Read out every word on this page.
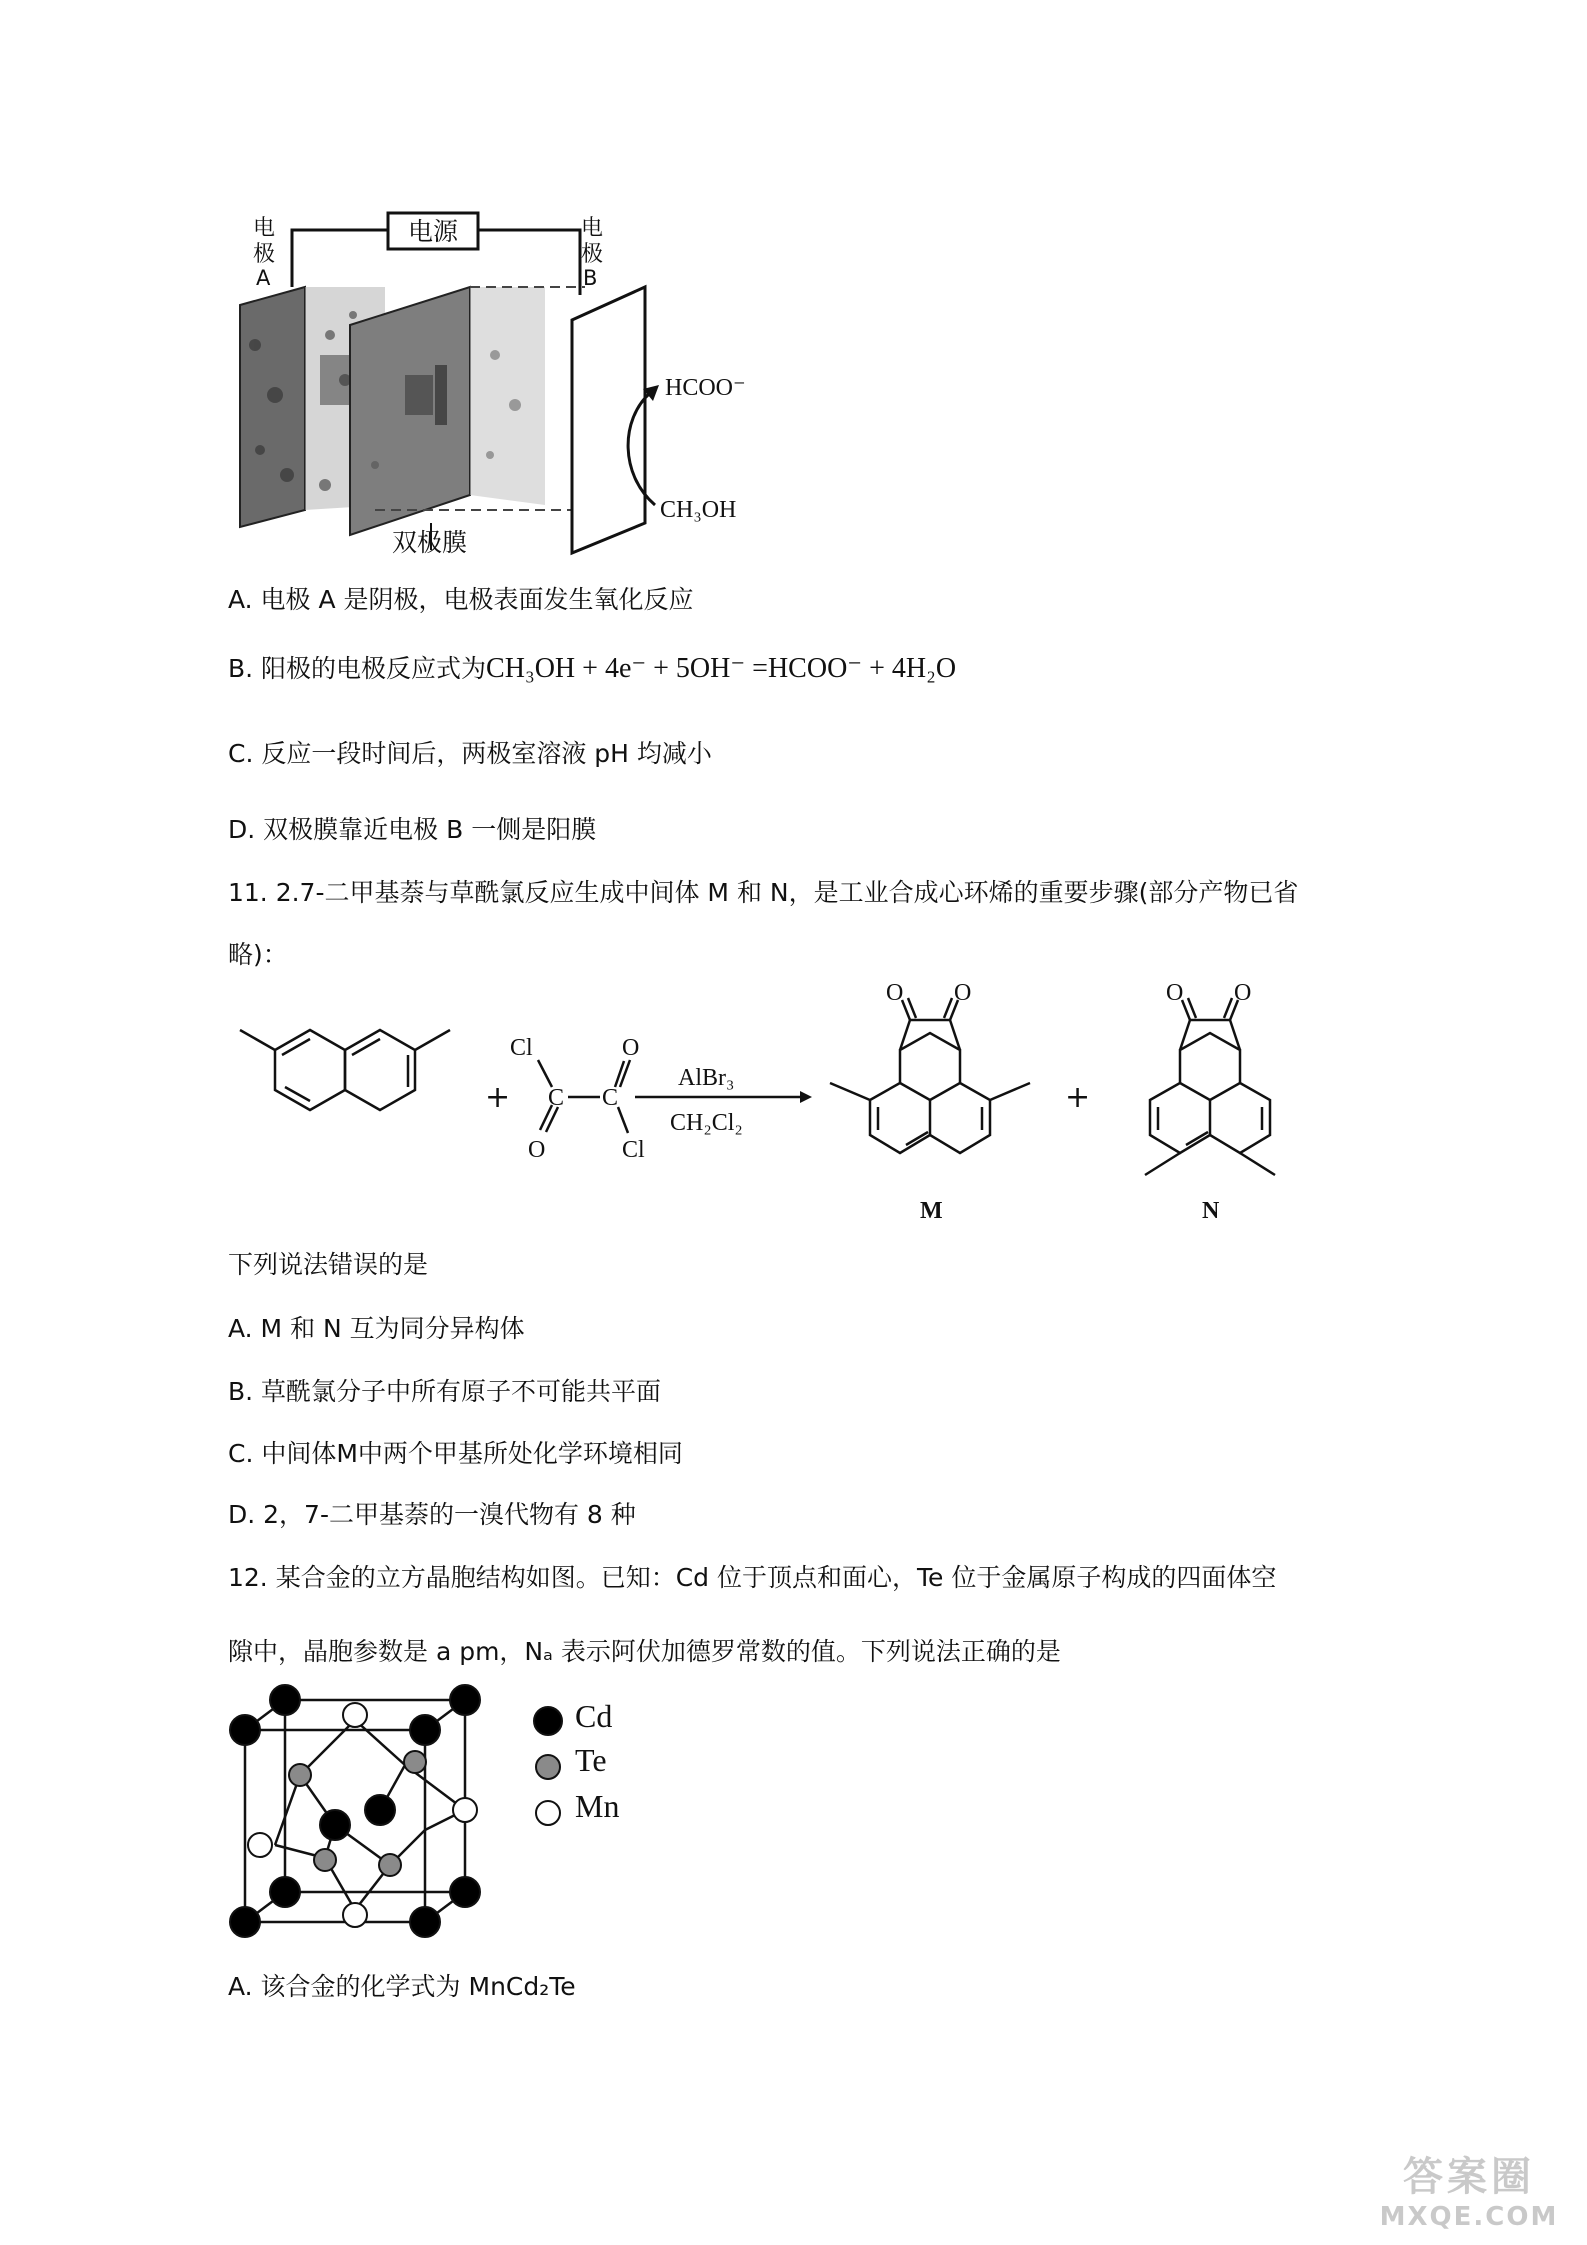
电源
电
极
A
电
极
B
HCOO⁻
CH₃OH
双极膜
A. 电极 A 是阴极，电极表面发生氧化反应
B. 阳极的电极反应式为CH₃OH + 4e⁻ + 5OH⁻ =HCOO⁻ + 4H₂O
C. 反应一段时间后，两极室溶液 pH 均减小
D. 双极膜靠近电极 B 一侧是阳膜
11. 2.7-二甲基萘与草酰氯反应生成中间体 M 和 N，是工业合成心环烯的重要步骤(部分产物已省
略)：
+
Cl	O
C C
O	Cl
AlBr₃
CH₂Cl₂
O O
+
O O
M	N
下列说法错误的是
A. M 和 N 互为同分异构体
B. 草酰氯分子中所有原子不可能共平面
C. 中间体M中两个甲基所处化学环境相同
D. 2，7-二甲基萘的一溴代物有 8 种
12. 某合金的立方晶胞结构如图。已知：Cd 位于顶点和面心，Te 位于金属原子构成的四面体空
隙中，晶胞参数是 a pm，Nₐ 表示阿伏加德罗常数的值。下列说法正确的是
Cd
Te
Mn
A. 该合金的化学式为 MnCd₂Te
答案圈
MXQE.COM
